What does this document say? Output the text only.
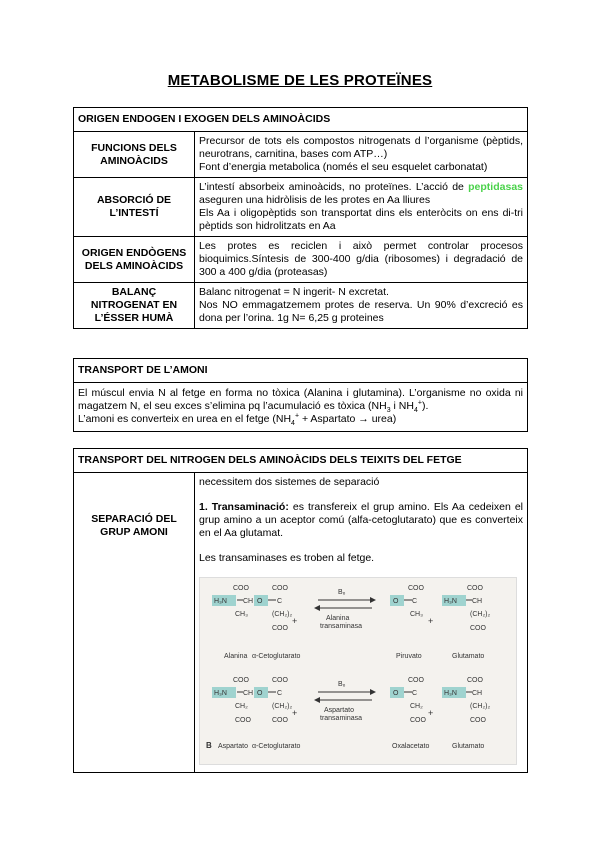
METABOLISME DE LES PROTEÏNES
ORIGEN ENDOGEN I EXOGEN DELS AMINOÀCIDS	
FUNCIONS DELS AMINOÀCIDS	Precursor de tots els compostos nitrogenats d l’organisme (pèptids, neurotrans, carnitina, bases com ATP…)

Font d’energia metabolica (només el seu esquelet carbonatat)

ABSORCIÓ DE L’INTESTÍ	L’intestí absorbeix aminoàcids, no proteïnes. L’acció de peptidasas aseguren una hidròlisis de les protes en Aa lliures

Els Aa i oligopèptids son transportat dins els enteròcits on ens di-tri pèptids son hidrolitzats en Aa

ORIGEN ENDÒGENS DELS AMINOÀCIDS	Les protes es reciclen i això permet controlar procesos bioquimics.Síntesis de 300-400 g/dia (ribosomes) i degradació de 300 a 400 g/dia (proteasas)

BALANÇ NITROGENAT EN L’ÉSSER HUMÀ	Balanc nitrogenat = N ingerit- N excretat.

Nos NO emmagatzemem protes de reserva. Un 90% d’excreció es dona per l’orina. 1g N= 6,25 g proteines

TRANSPORT DE L’AMONI
El múscul envia N al fetge en forma no tòxica (Alanina i glutamina). L’organisme no oxida ni magatzem N, el seu exces s’elimina pq l’acumulació es tòxica ($NH_3$ i $NH_4^+$).
L’amoni es converteix en urea en el fetge ($NH_4^+$ + Aspartato → urea)
TRANSPORT DEL NITROGEN DELS AMINOÀCIDS DELS TEIXITS DEL FETGE
SEPARACIÓ DEL GRUP AMONI	

necessitem dos sistemes de separació

1. Transaminació: es transfereix el grup amino. Els Aa cedeixen el grup amino a un aceptor comú (alfa-cetoglutarato) que es converteix en el Aa glutamat.

Les transaminases es troben al fetge.

COO
H₃N CH
CH₃
Alanina
COO
O C
(CH₂)₂
COO
α-Cetoglutarato
B₆
Alanina
transaminasa
COO
O C
CH₃
Piruvato
COO
H₃N CH
(CH₂)₂
COO
Glutamato
COO
H₃N CH
CH₂
COO
B Aspartato
COO
O C
(CH₂)₂
COO
α-Cetoglutarato
B₆
Aspartato
transaminasa
COO
O C
CH₂
COO
Oxalacetato
COO
H₃N CH
(CH₂)₂
COO
Glutamato
+	+
+	+
